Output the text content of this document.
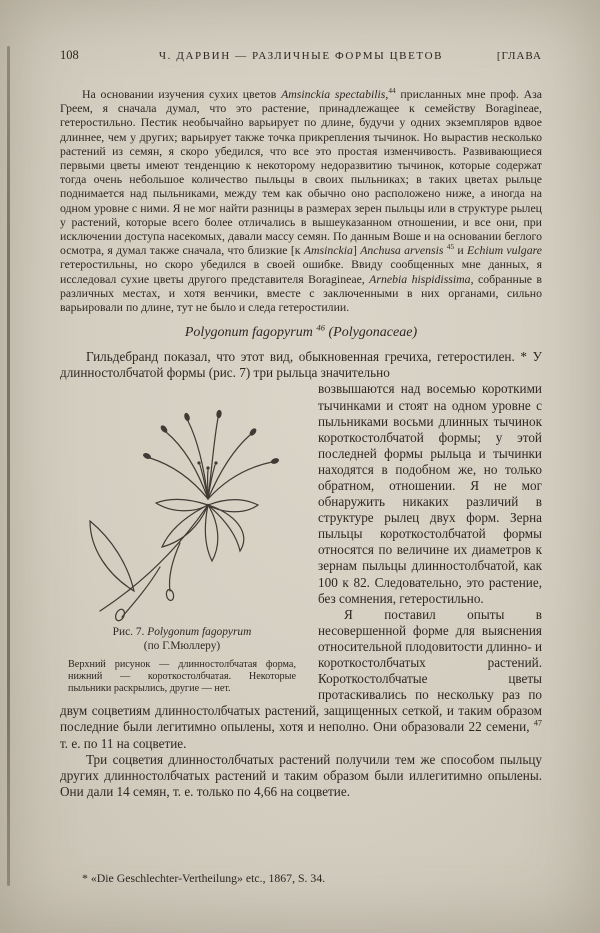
108	Ч. ДАРВИН — РАЗЛИЧНЫЕ ФОРМЫ ЦВЕТОВ	[ГЛАВА

На основании изучения сухих цветов Amsinckia spectabilis,$^{44}$ присланных мне проф. Аза Греем, я сначала думал, что это растение, принадлежащее к семейству Boragineae, гетеростильно. Пестик необычайно варьирует по длине, будучи у одних экземпляров вдвое длиннее, чем у других; варьирует также точка прикрепления тычинок. Но вырастив несколько растений из семян, я скоро убедился, что все это простая изменчивость. Развивающиеся первыми цветы имеют тенденцию к некоторому недоразвитию тычинок, которые содержат тогда очень небольшое количество пыльцы в своих пыльниках; в таких цветах рыльце поднимается над пыльниками, между тем как обычно оно расположено ниже, а иногда на одном уровне с ними. Я не мог найти разницы в размерах зерен пыльцы или в структуре рылец у растений, которые всего более отличались в вышеуказанном отношении, и все они, при исключении доступа насекомых, давали массу семян. По данным Воше и на основании беглого осмотра, я думал также сначала, что близкие [к Amsinckia] Anchusa arvensis $^{45}$ и Echium vulgare гетеростильны, но скоро убедился в своей ошибке. Ввиду сообщенных мне данных, я исследовал сухие цветы другого представителя Boragineae, Arnebia hispidissima, собранные в различных местах, и хотя венчики, вместе с заключенными в них органами, сильно варьировали по длине, тут не было и следа гетеростилии.

Polygonum fagopyrum $^{46}$ (Polygonaceae)

Гильдебранд показал, что этот вид, обыкновенная гречиха, гетеростилен. * У длинностолбчатой формы (рис. 7) три рыльца значительно

Рис. 7. Polygonum fagopyrum
(по Г.Мюллеру)
Верхний рисунок — длинностолбчатая форма, нижний — короткостолбчатая. Некоторые пыльники раскрылись, другие — нет.

возвышаются над восемью короткими тычинками и стоят на одном уровне с пыльниками восьми длинных тычинок короткостолбчатой формы; у этой последней формы рыльца и тычинки находятся в подобном же, но только обратном, отношении. Я не мог обнаружить никаких различий в структуре рылец двух форм. Зерна пыльцы короткостолбчатой формы относятся по величине их диаметров к зернам пыльцы длинностолбчатой, как 100 к 82. Следовательно, это растение, без сомнения, гетеростильно.

Я поставил опыты в несовершенной форме для выяснения относительной плодовитости длинно- и короткостолбчатых растений. Короткостолбчатые цветы протаскивались по нескольку раз по двум соцветиям длинностолбчатых растений, защищенных сеткой, и таким образом последние были легитимно опылены, хотя и неполно. Они образовали 22 семени, $^{47}$ т. е. по 11 на соцветие.

Три соцветия длинностолбчатых растений получили тем же способом пыльцу других длинностолбчатых растений и таким образом были иллегитимно опылены. Они дали 14 семян, т. е. только по 4,66 на соцветие.

* «Die Geschlechter-Vertheilung» etc., 1867, S. 34.
